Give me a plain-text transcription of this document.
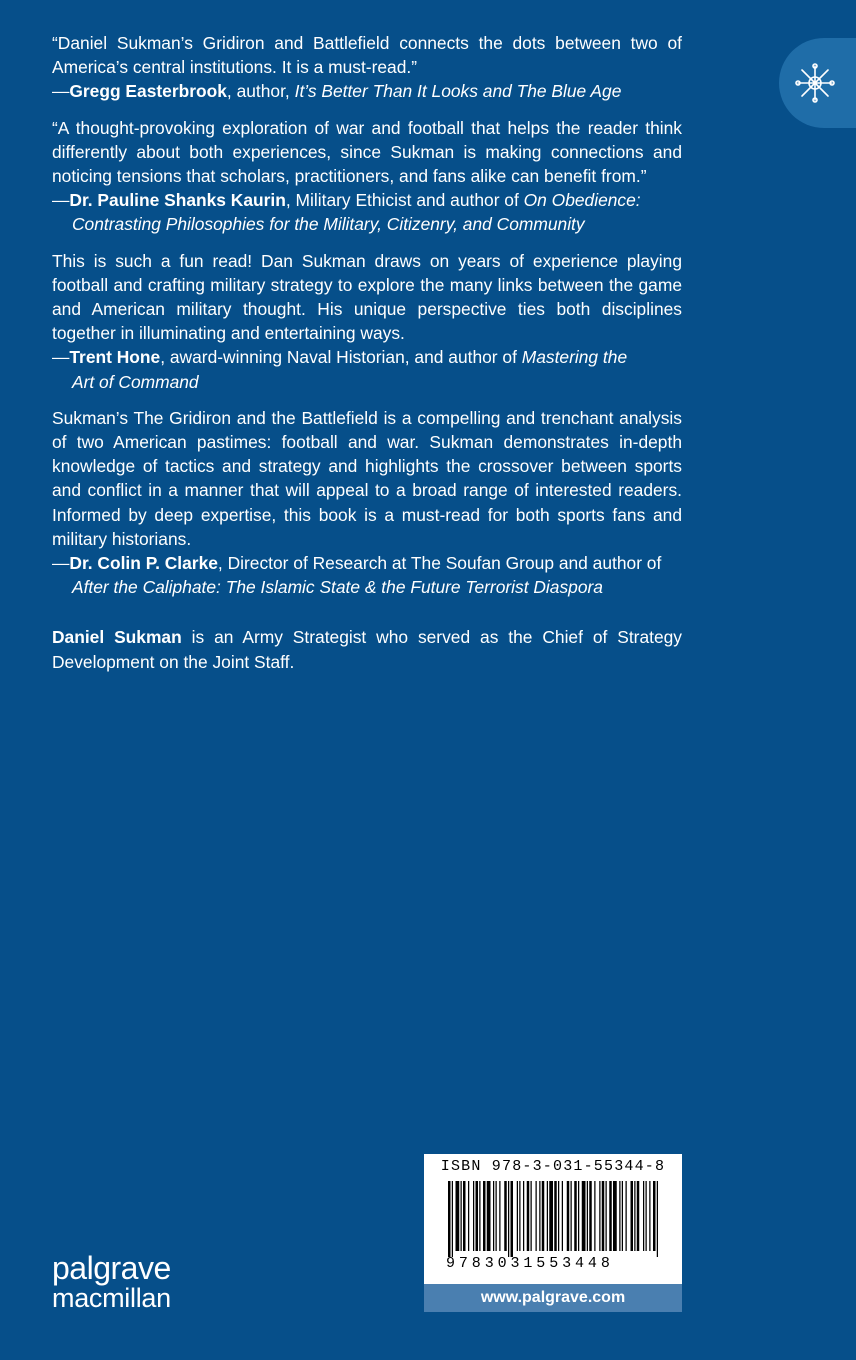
“Daniel Sukman’s Gridiron and Battlefield connects the dots between two of America’s central institutions. It is a must-read.”

—Gregg Easterbrook, author, It’s Better Than It Looks and The Blue Age

“A thought-provoking exploration of war and football that helps the reader think differently about both experiences, since Sukman is making connections and noticing tensions that scholars, practitioners, and fans alike can benefit from.”

—Dr. Pauline Shanks Kaurin, Military Ethicist and author of On Obedience:
Contrasting Philosophies for the Military, Citizenry, and Community

This is such a fun read! Dan Sukman draws on years of experience playing football and crafting military strategy to explore the many links between the game and American military thought. His unique perspective ties both disciplines together in illuminating and entertaining ways.

—Trent Hone, award-winning Naval Historian, and author of Mastering the
Art of Command

Sukman’s The Gridiron and the Battlefield is a compelling and trenchant analysis of two American pastimes: football and war. Sukman demonstrates in-depth knowledge of tactics and strategy and highlights the crossover between sports and conflict in a manner that will appeal to a broad range of interested readers. Informed by deep expertise, this book is a must-read for both sports fans and military historians.

—Dr. Colin P. Clarke, Director of Research at The Soufan Group and author of
After the Caliphate: The Islamic State & the Future Terrorist Diaspora

Daniel Sukman is an Army Strategist who served as the Chief of Strategy Development on the Joint Staff.

palgrave
macmillan
ISBN 978-3-031-55344-8
9783031553448
www.palgrave.com
